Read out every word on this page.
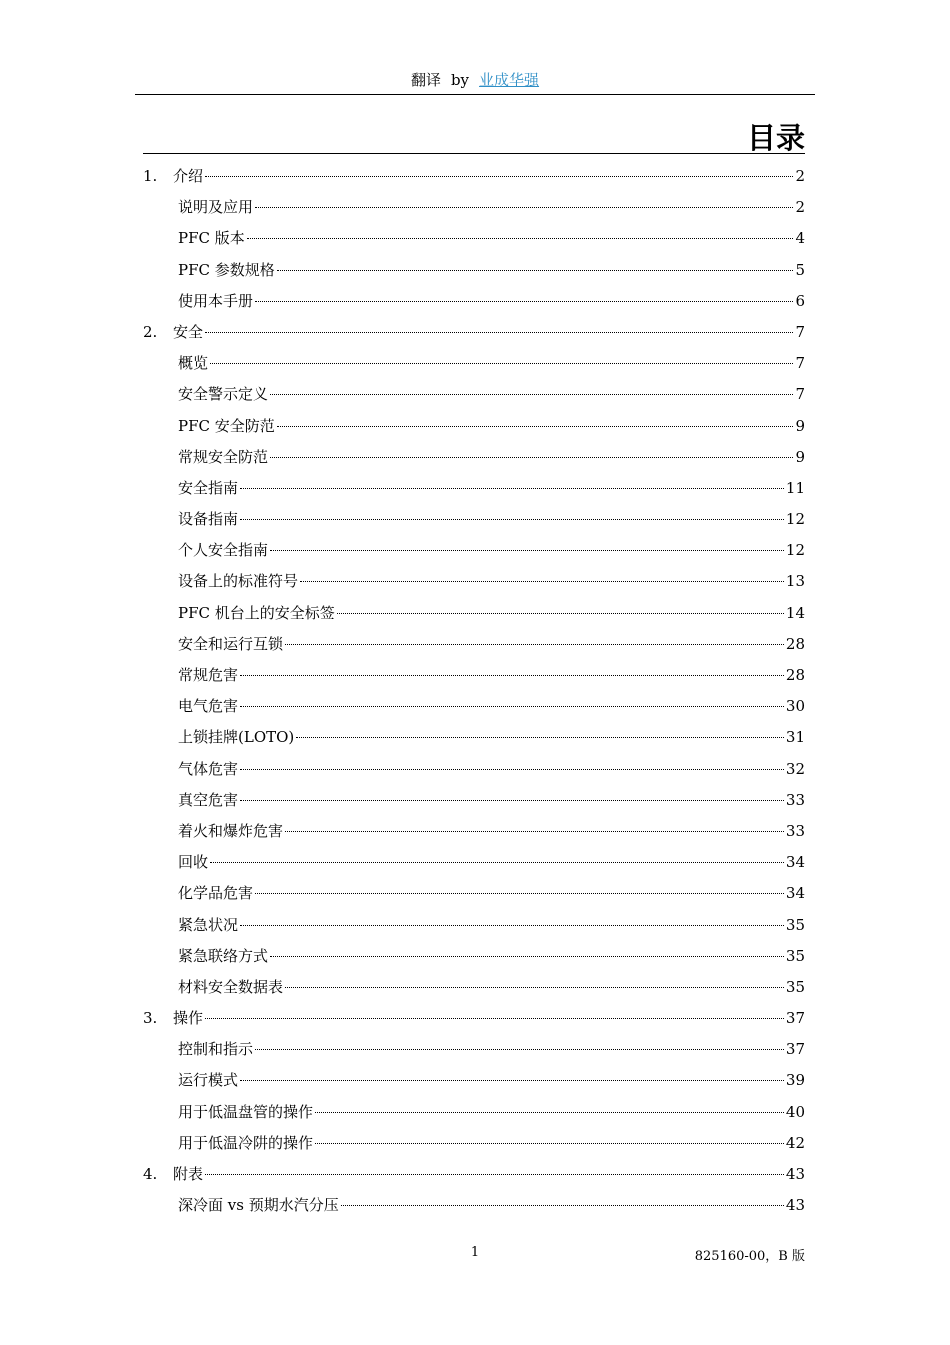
翻译 by 业成华强
目录
1.	介绍	2
说明及应用	2
PFC 版本	4
PFC 参数规格	5
使用本手册	6
2.	安全	7
概览	7
安全警示定义	7
PFC 安全防范	9
常规安全防范	9
安全指南	11
设备指南	12
个人安全指南	12
设备上的标准符号	13
PFC 机台上的安全标签	14
安全和运行互锁	28
常规危害	28
电气危害	30
上锁挂牌(LOTO)	31
气体危害	32
真空危害	33
着火和爆炸危害	33
回收	34
化学品危害	34
紧急状况	35
紧急联络方式	35
材料安全数据表	35
3.	操作	37
控制和指示	37
运行模式	39
用于低温盘管的操作	40
用于低温冷阱的操作	42
4.	附表	43
深冷面 vs 预期水汽分压	43
1	825160-00，B 版
